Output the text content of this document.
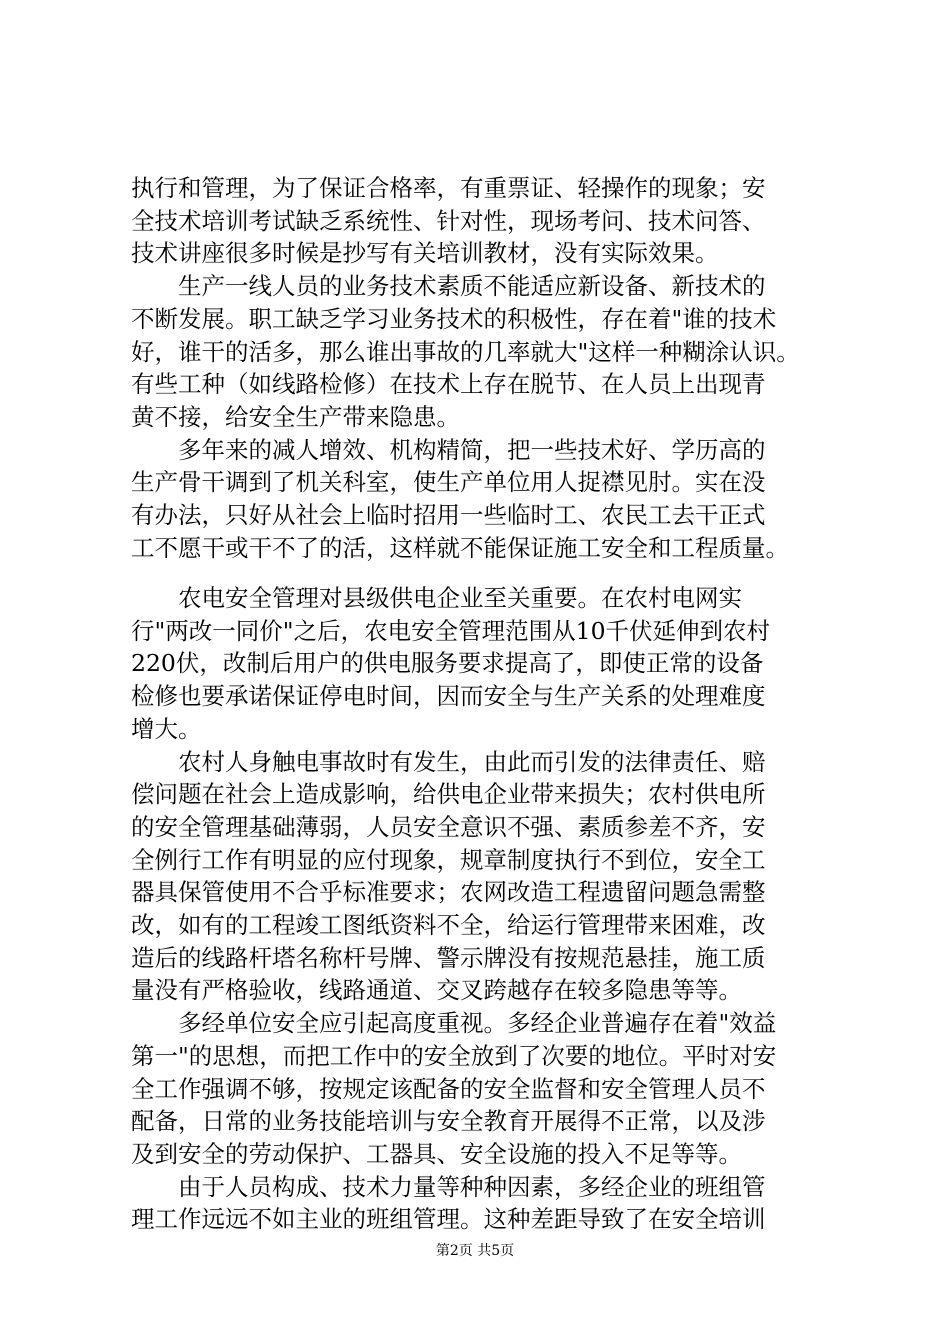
执行和管理，为了保证合格率，有重票证、轻操作的现象；安
全技术培训考试缺乏系统性、针对性，现场考问、技术问答、
技术讲座很多时候是抄写有关培训教材，没有实际效果。
生产一线人员的业务技术素质不能适应新设备、新技术的
不断发展。职工缺乏学习业务技术的积极性，存在着"谁的技术
好，谁干的活多，那么谁出事故的几率就大"这样一种糊涂认识。
有些工种（如线路检修）在技术上存在脱节、在人员上出现青
黄不接，给安全生产带来隐患。
多年来的减人增效、机构精简，把一些技术好、学历高的
生产骨干调到了机关科室，使生产单位用人捉襟见肘。实在没
有办法，只好从社会上临时招用一些临时工、农民工去干正式
工不愿干或干不了的活，这样就不能保证施工安全和工程质量。
农电安全管理对县级供电企业至关重要。在农村电网实
行"两改一同价"之后，农电安全管理范围从10千伏延伸到农村
220伏，改制后用户的供电服务要求提高了，即使正常的设备
检修也要承诺保证停电时间，因而安全与生产关系的处理难度
增大。
农村人身触电事故时有发生，由此而引发的法律责任、赔
偿问题在社会上造成影响，给供电企业带来损失；农村供电所
的安全管理基础薄弱，人员安全意识不强、素质参差不齐，安
全例行工作有明显的应付现象，规章制度执行不到位，安全工
器具保管使用不合乎标准要求；农网改造工程遗留问题急需整
改，如有的工程竣工图纸资料不全，给运行管理带来困难，改
造后的线路杆塔名称杆号牌、警示牌没有按规范悬挂，施工质
量没有严格验收，线路通道、交叉跨越存在较多隐患等等。
多经单位安全应引起高度重视。多经企业普遍存在着"效益
第一"的思想，而把工作中的安全放到了次要的地位。平时对安
全工作强调不够，按规定该配备的安全监督和安全管理人员不
配备，日常的业务技能培训与安全教育开展得不正常，以及涉
及到安全的劳动保护、工器具、安全设施的投入不足等等。
由于人员构成、技术力量等种种因素，多经企业的班组管
理工作远远不如主业的班组管理。这种差距导致了在安全培训
第2页 共5页
